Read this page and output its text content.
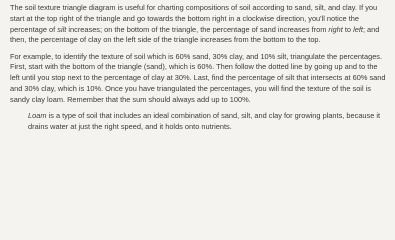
The soil texture triangle diagram is useful for charting compositions of soil according to sand, silt, and clay. If you start at the top right of the triangle and go towards the bottom right in a clockwise direction, you'll notice the percentage of silt increases; on the bottom of the triangle, the percentage of sand increases from right to left; and then, the percentage of clay on the left side of the triangle increases from the bottom to the top.

For example, to identify the texture of soil which is 60% sand, 30% clay, and 10% silt, triangulate the percentages. First, start with the bottom of the triangle (sand), which is 60%. Then follow the dotted line by going up and to the left until you stop next to the percentage of clay at 30%. Last, find the percentage of silt that intersects at 60% sand and 30% clay, which is 10%. Once you have triangulated the percentages, you will find the texture of the soil is sandy clay loam. Remember that the sum should always add up to 100%.

Loam is a type of soil that includes an ideal combination of sand, silt, and clay for growing plants, because it drains water at just the right speed, and it holds onto nutrients.
